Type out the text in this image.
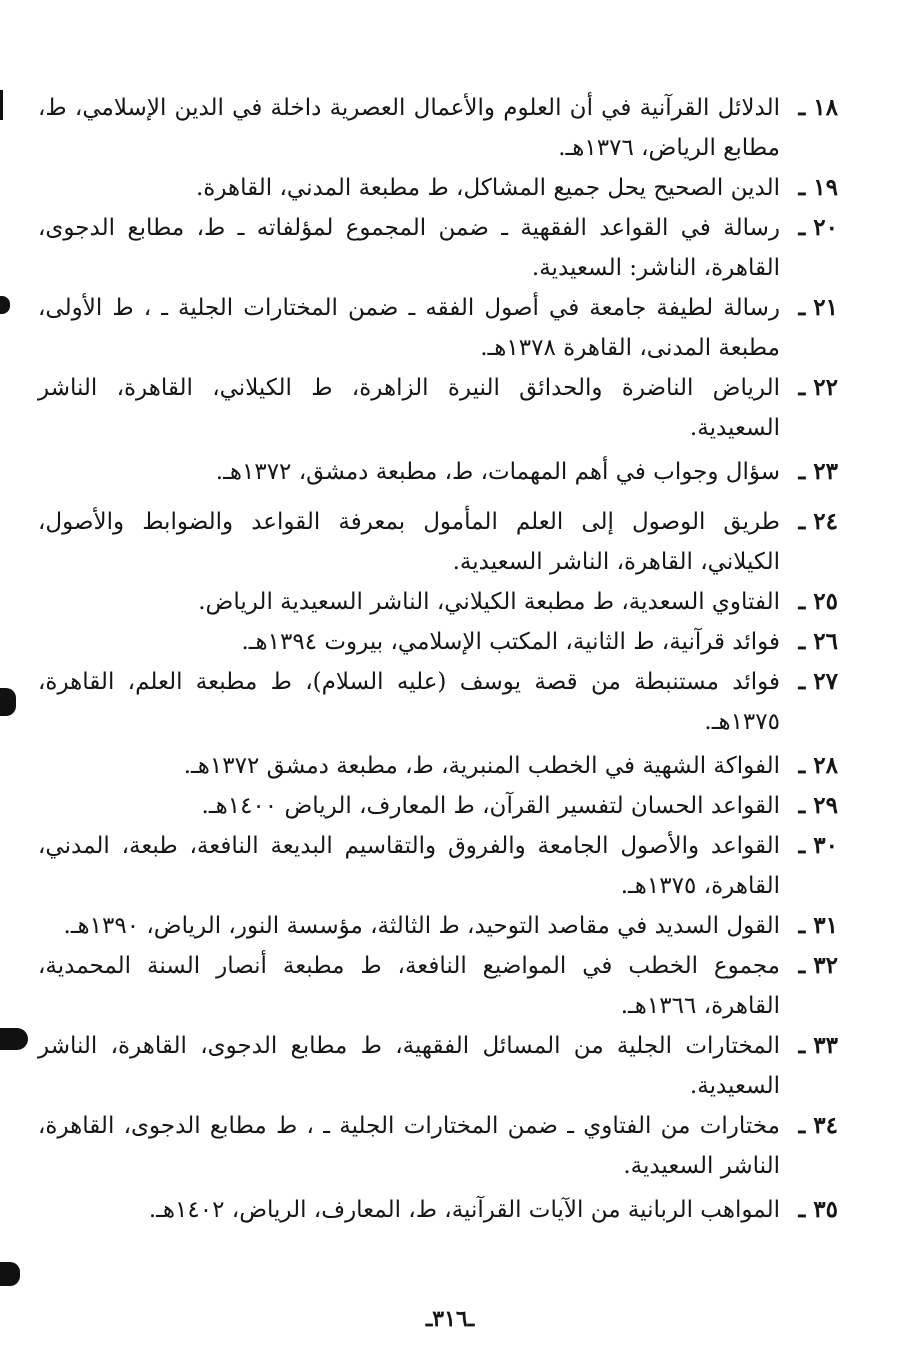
١٨ ـ
الدلائل القرآنية في أن العلوم والأعمال العصرية داخلة في الدين الإسلامي، ط، مطابع الرياض، ١٣٧٦هـ.
١٩ ـ
الدين الصحيح يحل جميع المشاكل، ط مطبعة المدني، القاهرة.
٢٠ ـ
رسالة في القواعد الفقهية ـ ضمن المجموع لمؤلفاته ـ ط، مطابع الدجوى، القاهرة، الناشر: السعيدية.
٢١ ـ
رسالة لطيفة جامعة في أصول الفقه ـ ضمن المختارات الجلية ـ ، ط الأولى، مطبعة المدنى، القاهرة ١٣٧٨هـ.
٢٢ ـ
الرياض الناضرة والحدائق النيرة الزاهرة، ط الكيلاني، القاهرة، الناشر السعيدية.
٢٣ ـ
سؤال وجواب في أهم المهمات، ط، مطبعة دمشق، ١٣٧٢هـ.
٢٤ ـ
طريق الوصول إلى العلم المأمول بمعرفة القواعد والضوابط والأصول، الكيلاني، القاهرة، الناشر السعيدية.
٢٥ ـ
الفتاوي السعدية، ط مطبعة الكيلاني، الناشر السعيدية الرياض.
٢٦ ـ
فوائد قرآنية، ط الثانية، المكتب الإسلامي، بيروت ١٣٩٤هـ.
٢٧ ـ
فوائد مستنبطة من قصة يوسف (عليه السلام)، ط مطبعة العلم، القاهرة، ١٣٧٥هـ.
٢٨ ـ
الفواكة الشهية في الخطب المنبرية، ط، مطبعة دمشق ١٣٧٢هـ.
٢٩ ـ
القواعد الحسان لتفسير القرآن، ط المعارف، الرياض ١٤٠٠هـ.
٣٠ ـ
القواعد والأصول الجامعة والفروق والتقاسيم البديعة النافعة، طبعة، المدني، القاهرة، ١٣٧٥هـ.
٣١ ـ
القول السديد في مقاصد التوحيد، ط الثالثة، مؤسسة النور، الرياض، ١٣٩٠هـ.
٣٢ ـ
مجموع الخطب في المواضيع النافعة، ط مطبعة أنصار السنة المحمدية، القاهرة، ١٣٦٦هـ.
٣٣ ـ
المختارات الجلية من المسائل الفقهية، ط مطابع الدجوى، القاهرة، الناشر السعيدية.
٣٤ ـ
مختارات من الفتاوي ـ ضمن المختارات الجلية ـ ، ط مطابع الدجوى، القاهرة، الناشر السعيدية.
٣٥ ـ
المواهب الربانية من الآيات القرآنية، ط، المعارف، الرياض، ١٤٠٢هـ.
ـ٣١٦ـ
